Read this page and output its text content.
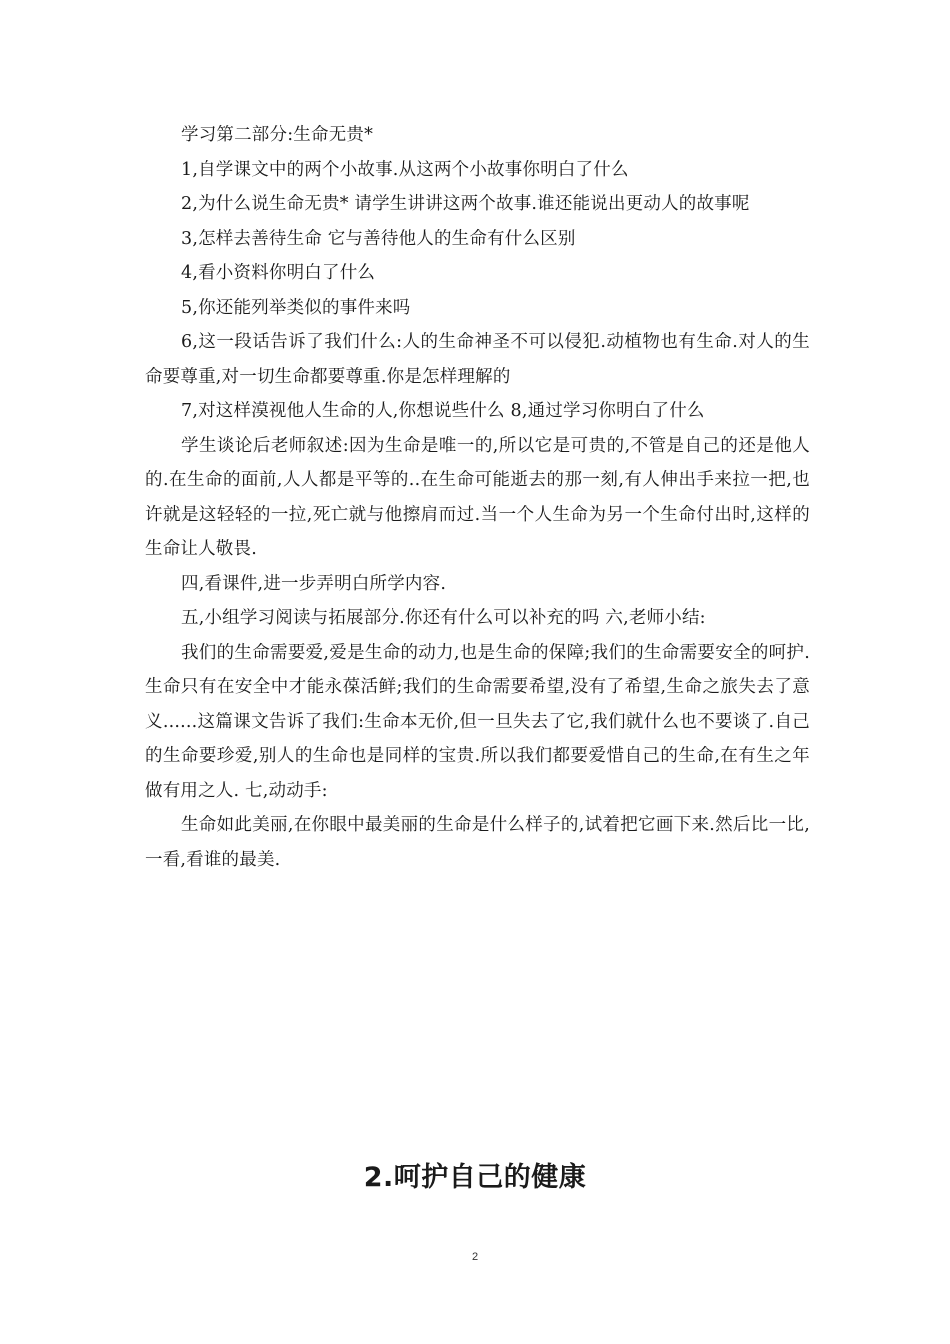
学习第二部分:生命无贵*

1,自学课文中的两个小故事.从这两个小故事你明白了什么

2,为什么说生命无贵* 请学生讲讲这两个故事.谁还能说出更动人的故事呢

3,怎样去善待生命 它与善待他人的生命有什么区别

4,看小资料你明白了什么

5,你还能列举类似的事件来吗

6,这一段话告诉了我们什么:人的生命神圣不可以侵犯.动植物也有生命.对人的生命要尊重,对一切生命都要尊重.你是怎样理解的

7,对这样漠视他人生命的人,你想说些什么 8,通过学习你明白了什么

学生谈论后老师叙述:因为生命是唯一的,所以它是可贵的,不管是自己的还是他人的.在生命的面前,人人都是平等的..在生命可能逝去的那一刻,有人伸出手来拉一把,也许就是这轻轻的一拉,死亡就与他擦肩而过.当一个人生命为另一个生命付出时,这样的生命让人敬畏.

四,看课件,进一步弄明白所学内容.

五,小组学习阅读与拓展部分.你还有什么可以补充的吗 六,老师小结:

我们的生命需要爱,爱是生命的动力,也是生命的保障;我们的生命需要安全的呵护.生命只有在安全中才能永葆活鲜;我们的生命需要希望,没有了希望,生命之旅失去了意义......这篇课文告诉了我们:生命本无价,但一旦失去了它,我们就什么也不要谈了.自己的生命要珍爱,别人的生命也是同样的宝贵.所以我们都要爱惜自己的生命,在有生之年做有用之人. 七,动动手:

生命如此美丽,在你眼中最美丽的生命是什么样子的,试着把它画下来.然后比一比,一看,看谁的最美.

2.呵护自己的健康
2
